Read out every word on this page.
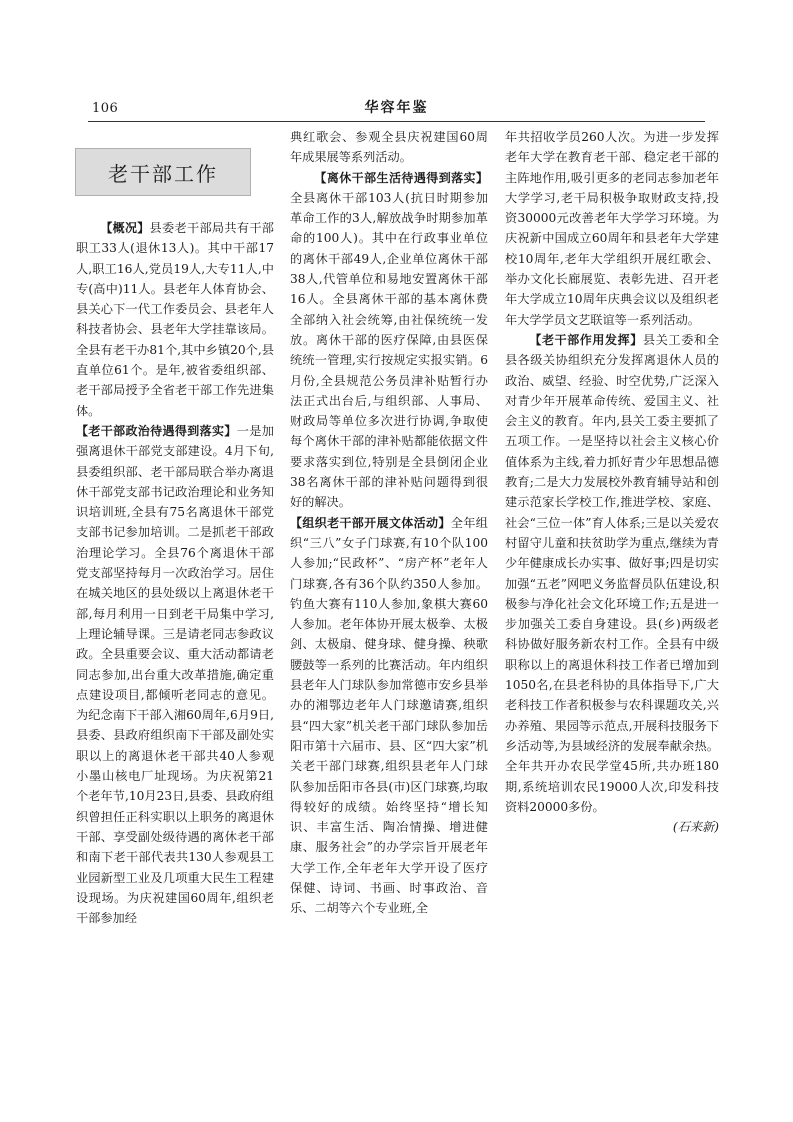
106	华容年鉴
老干部工作

【概况】县委老干部局共有干部职工33人(退休13人)。其中干部17人,职工16人,党员19人,大专11人,中专(高中)11人。县老年人体育协会、县关心下一代工作委员会、县老年人科技者协会、县老年大学挂靠该局。全县有老干办81个,其中乡镇20个,县直单位61个。是年,被省委组织部、老干部局授予全省老干部工作先进集体。

【老干部政治待遇得到落实】一是加强离退休干部党支部建设。4月下旬,县委组织部、老干部局联合举办离退休干部党支部书记政治理论和业务知识培训班,全县有75名离退休干部党支部书记参加培训。二是抓老干部政治理论学习。全县76个离退休干部党支部坚持每月一次政治学习。居住在城关地区的县处级以上离退休老干部,每月利用一日到老干局集中学习,上理论辅导课。三是请老同志参政议政。全县重要会议、重大活动都请老同志参加,出台重大改革措施,确定重点建设项目,都倾听老同志的意见。为纪念南下干部入湘60周年,6月9日,县委、县政府组织南下干部及副处实职以上的离退休老干部共40人参观小墨山核电厂址现场。为庆祝第21个老年节,10月23日,县委、县政府组织曾担任正科实职以上职务的离退休干部、享受副处级待遇的离休老干部和南下老干部代表共130人参观县工业园新型工业及几项重大民生工程建设现场。为庆祝建国60周年,组织老干部参加经

典红歌会、参观全县庆祝建国60周年成果展等系列活动。

【离休干部生活待遇得到落实】全县离休干部103人(抗日时期参加革命工作的3人,解放战争时期参加革命的100人)。其中在行政事业单位的离休干部49人,企业单位离休干部38人,代管单位和易地安置离休干部16人。全县离休干部的基本离休费全部纳入社会统筹,由社保统统一发放。离休干部的医疗保障,由县医保统统一管理,实行按规定实报实销。6月份,全县规范公务员津补贴暂行办法正式出台后,与组织部、人事局、财政局等单位多次进行协调,争取使每个离休干部的津补贴都能依据文件要求落实到位,特别是全县倒闭企业38名离休干部的津补贴问题得到很好的解决。

【组织老干部开展文体活动】全年组织“三八”女子门球赛,有10个队100人参加;“民政杯”、“房产杯”老年人门球赛,各有36个队约350人参加。钓鱼大赛有110人参加,象棋大赛60人参加。老年体协开展太极拳、太极剑、太极扇、健身球、健身操、秧歌腰鼓等一系列的比赛活动。年内组织县老年人门球队参加常德市安乡县举办的湘鄂边老年人门球邀请赛,组织县“四大家”机关老干部门球队参加岳阳市第十六届市、县、区“四大家”机关老干部门球赛,组织县老年人门球队参加岳阳市各县(市)区门球赛,均取得较好的成绩。始终坚持“增长知识、丰富生活、陶冶情操、增进健康、服务社会”的办学宗旨开展老年大学工作,全年老年大学开设了医疗保健、诗词、书画、时事政治、音乐、二胡等六个专业班,全

年共招收学员260人次。为进一步发挥老年大学在教育老干部、稳定老干部的主阵地作用,吸引更多的老同志参加老年大学学习,老干局积极争取财政支持,投资30000元改善老年大学学习环境。为庆祝新中国成立60周年和县老年大学建校10周年,老年大学组织开展红歌会、举办文化长廊展览、表彰先进、召开老年大学成立10周年庆典会议以及组织老年大学学员文艺联谊等一系列活动。

【老干部作用发挥】县关工委和全县各级关协组织充分发挥离退休人员的政治、威望、经验、时空优势,广泛深入对青少年开展革命传统、爱国主义、社会主义的教育。年内,县关工委主要抓了五项工作。一是坚持以社会主义核心价值体系为主线,着力抓好青少年思想品德教育;二是大力发展校外教育辅导站和创建示范家长学校工作,推进学校、家庭、社会“三位一体”育人体系;三是以关爱农村留守儿童和扶贫助学为重点,继续为青少年健康成长办实事、做好事;四是切实加强“五老”网吧义务监督员队伍建设,积极参与净化社会文化环境工作;五是进一步加强关工委自身建设。县(乡)两级老科协做好服务新农村工作。全县有中级职称以上的离退休科技工作者已增加到1050名,在县老科协的具体指导下,广大老科技工作者积极参与农科课题攻关,兴办养殖、果园等示范点,开展科技服务下乡活动等,为县域经济的发展奉献余热。全年共开办农民学堂45所,共办班180期,系统培训农民19000人次,印发科技资料20000多份。

(石来新)
